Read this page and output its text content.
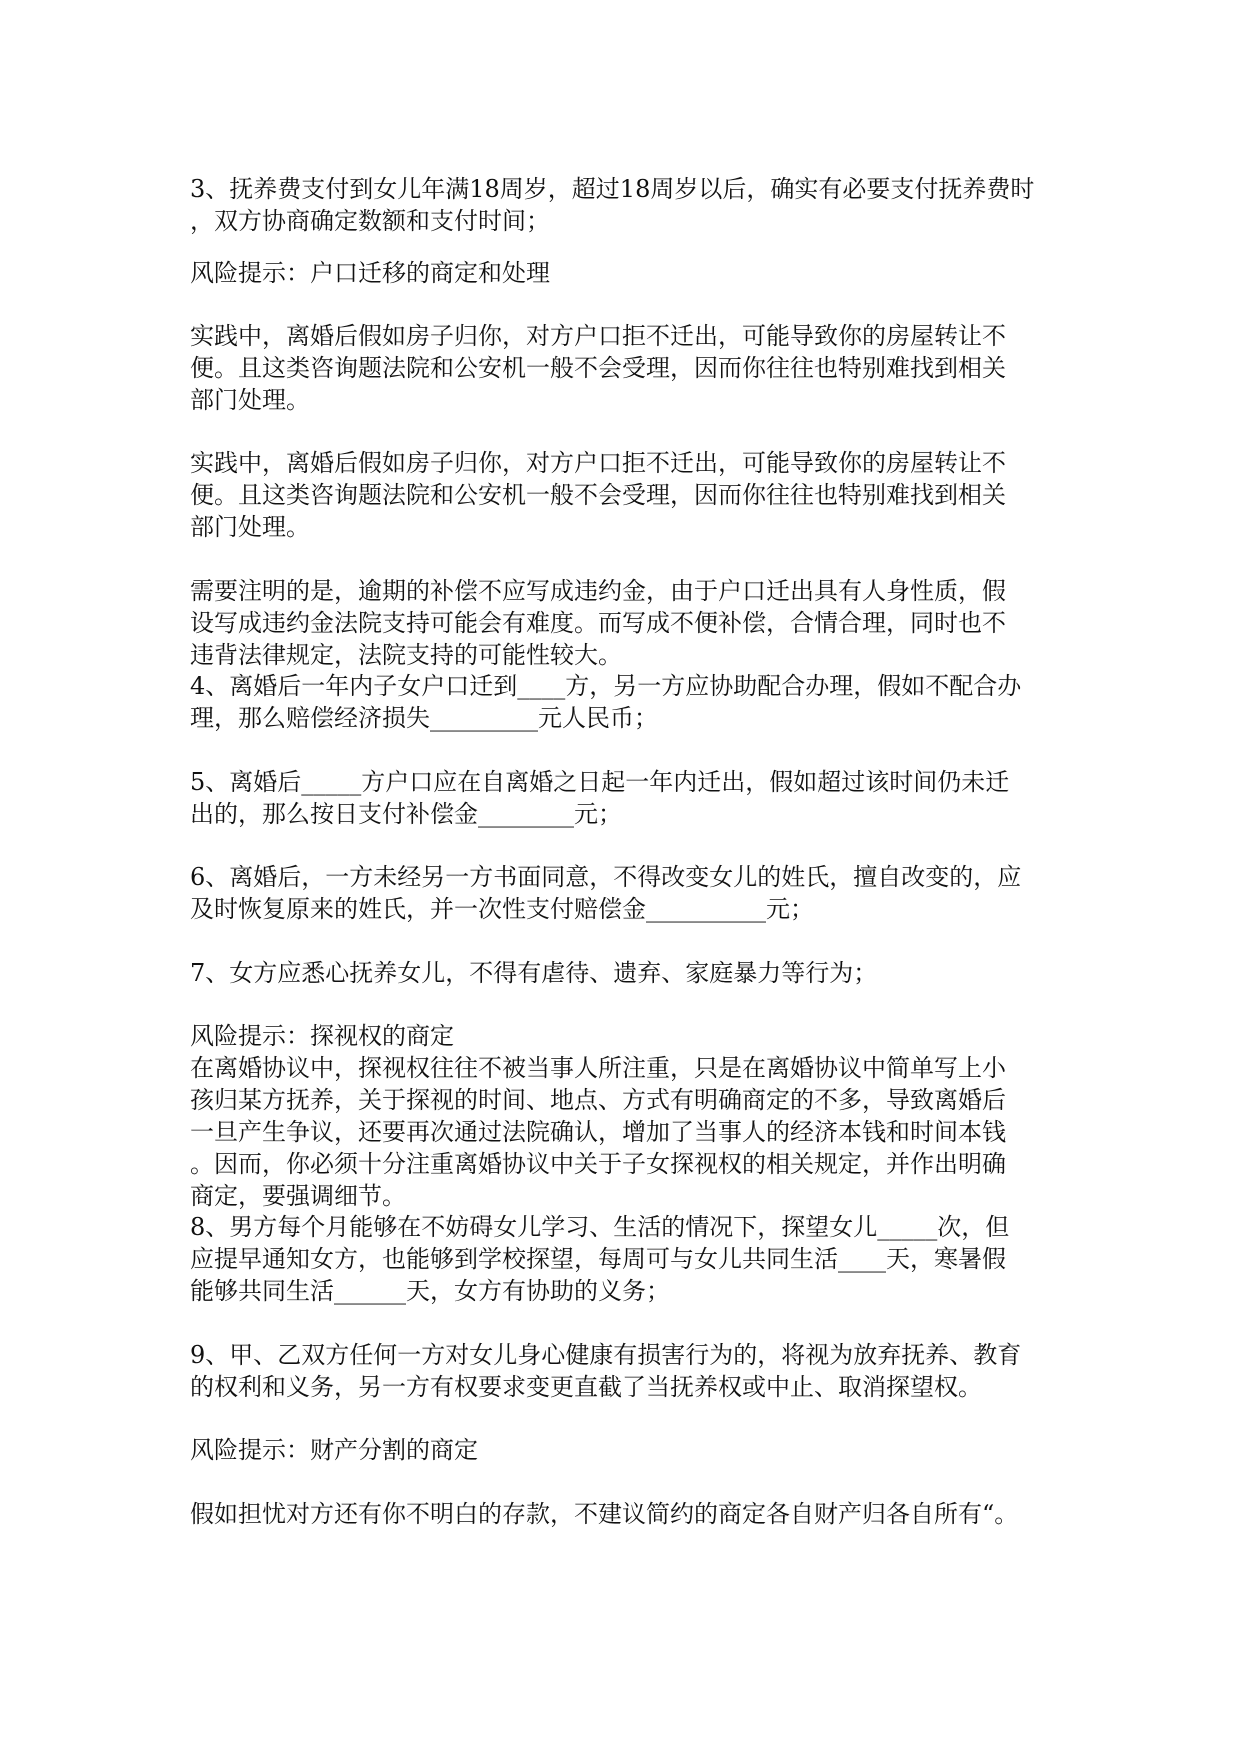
3、抚养费支付到女儿年满18周岁，超过18周岁以后，确实有必要支付抚养费时

，双方协商确定数额和支付时间；

风险提示：户口迁移的商定和处理

实践中，离婚后假如房子归你，对方户口拒不迁出，可能导致你的房屋转让不

便。且这类咨询题法院和公安机一般不会受理，因而你往往也特别难找到相关

部门处理。

实践中，离婚后假如房子归你，对方户口拒不迁出，可能导致你的房屋转让不

便。且这类咨询题法院和公安机一般不会受理，因而你往往也特别难找到相关

部门处理。

需要注明的是，逾期的补偿不应写成违约金，由于户口迁出具有人身性质，假

设写成违约金法院支持可能会有难度。而写成不便补偿，合情合理，同时也不

违背法律规定，法院支持的可能性较大。

4、离婚后一年内子女户口迁到____方，另一方应协助配合办理，假如不配合办

理，那么赔偿经济损失_________元人民币；

5、离婚后_____方户口应在自离婚之日起一年内迁出，假如超过该时间仍未迁

出的，那么按日支付补偿金________元；

6、离婚后，一方未经另一方书面同意，不得改变女儿的姓氏，擅自改变的，应

及时恢复原来的姓氏，并一次性支付赔偿金__________元；

7、女方应悉心抚养女儿，不得有虐待、遗弃、家庭暴力等行为；

风险提示：探视权的商定

在离婚协议中，探视权往往不被当事人所注重，只是在离婚协议中简单写上小

孩归某方抚养，关于探视的时间、地点、方式有明确商定的不多，导致离婚后

一旦产生争议，还要再次通过法院确认，增加了当事人的经济本钱和时间本钱

。因而，你必须十分注重离婚协议中关于子女探视权的相关规定，并作出明确

商定，要强调细节。

8、男方每个月能够在不妨碍女儿学习、生活的情况下，探望女儿_____次，但

应提早通知女方，也能够到学校探望，每周可与女儿共同生活____天，寒暑假

能够共同生活______天，女方有协助的义务；

9、甲、乙双方任何一方对女儿身心健康有损害行为的，将视为放弃抚养、教育

的权利和义务，另一方有权要求变更直截了当抚养权或中止、取消探望权。

风险提示：财产分割的商定

假如担忧对方还有你不明白的存款，不建议简约的商定各自财产归各自所有“。
